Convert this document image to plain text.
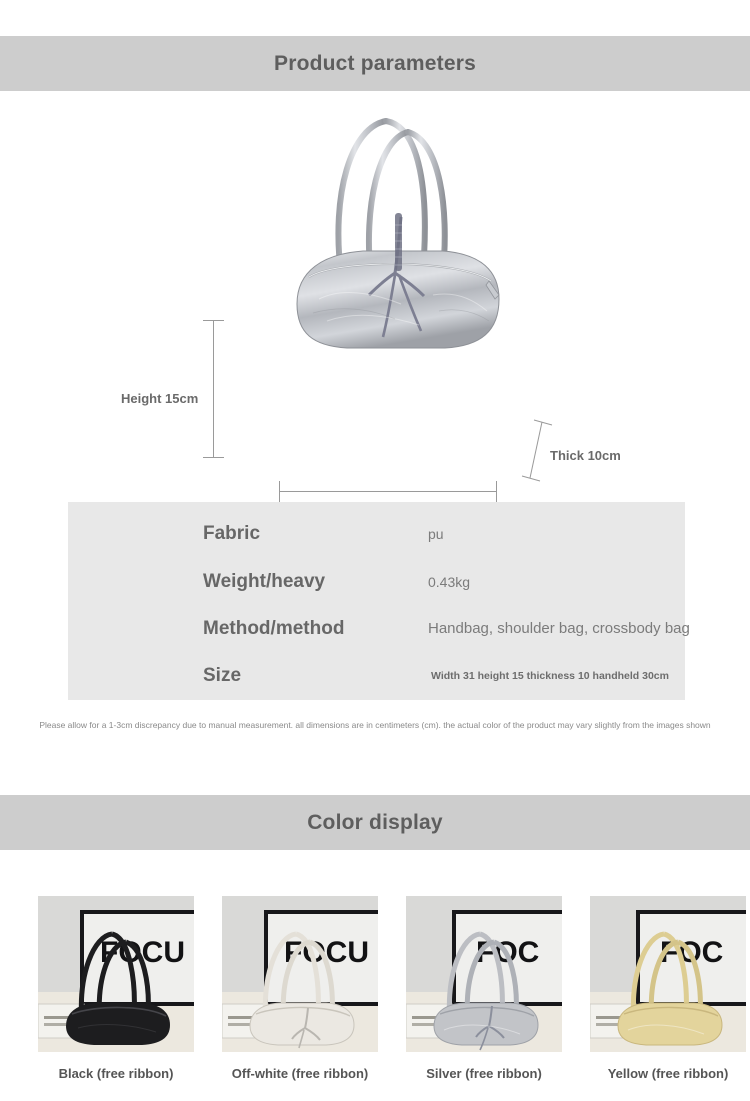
Product parameters
Height 15cm
Thick 10cm
Fabric	pu
Weight/heavy	0.43kg
Method/method	Handbag, shoulder bag, crossbody bag
Size	Width 31 height 15 thickness 10 handheld 30cm
Please allow for a 1-3cm discrepancy due to manual measurement. all dimensions are in centimeters (cm). the actual color of the product may vary slightly from the images shown
Color display
FOCU
Black (free ribbon)
FOCU
Off-white (free ribbon)
FOC
Silver (free ribbon)
FOC
Yellow (free ribbon)
